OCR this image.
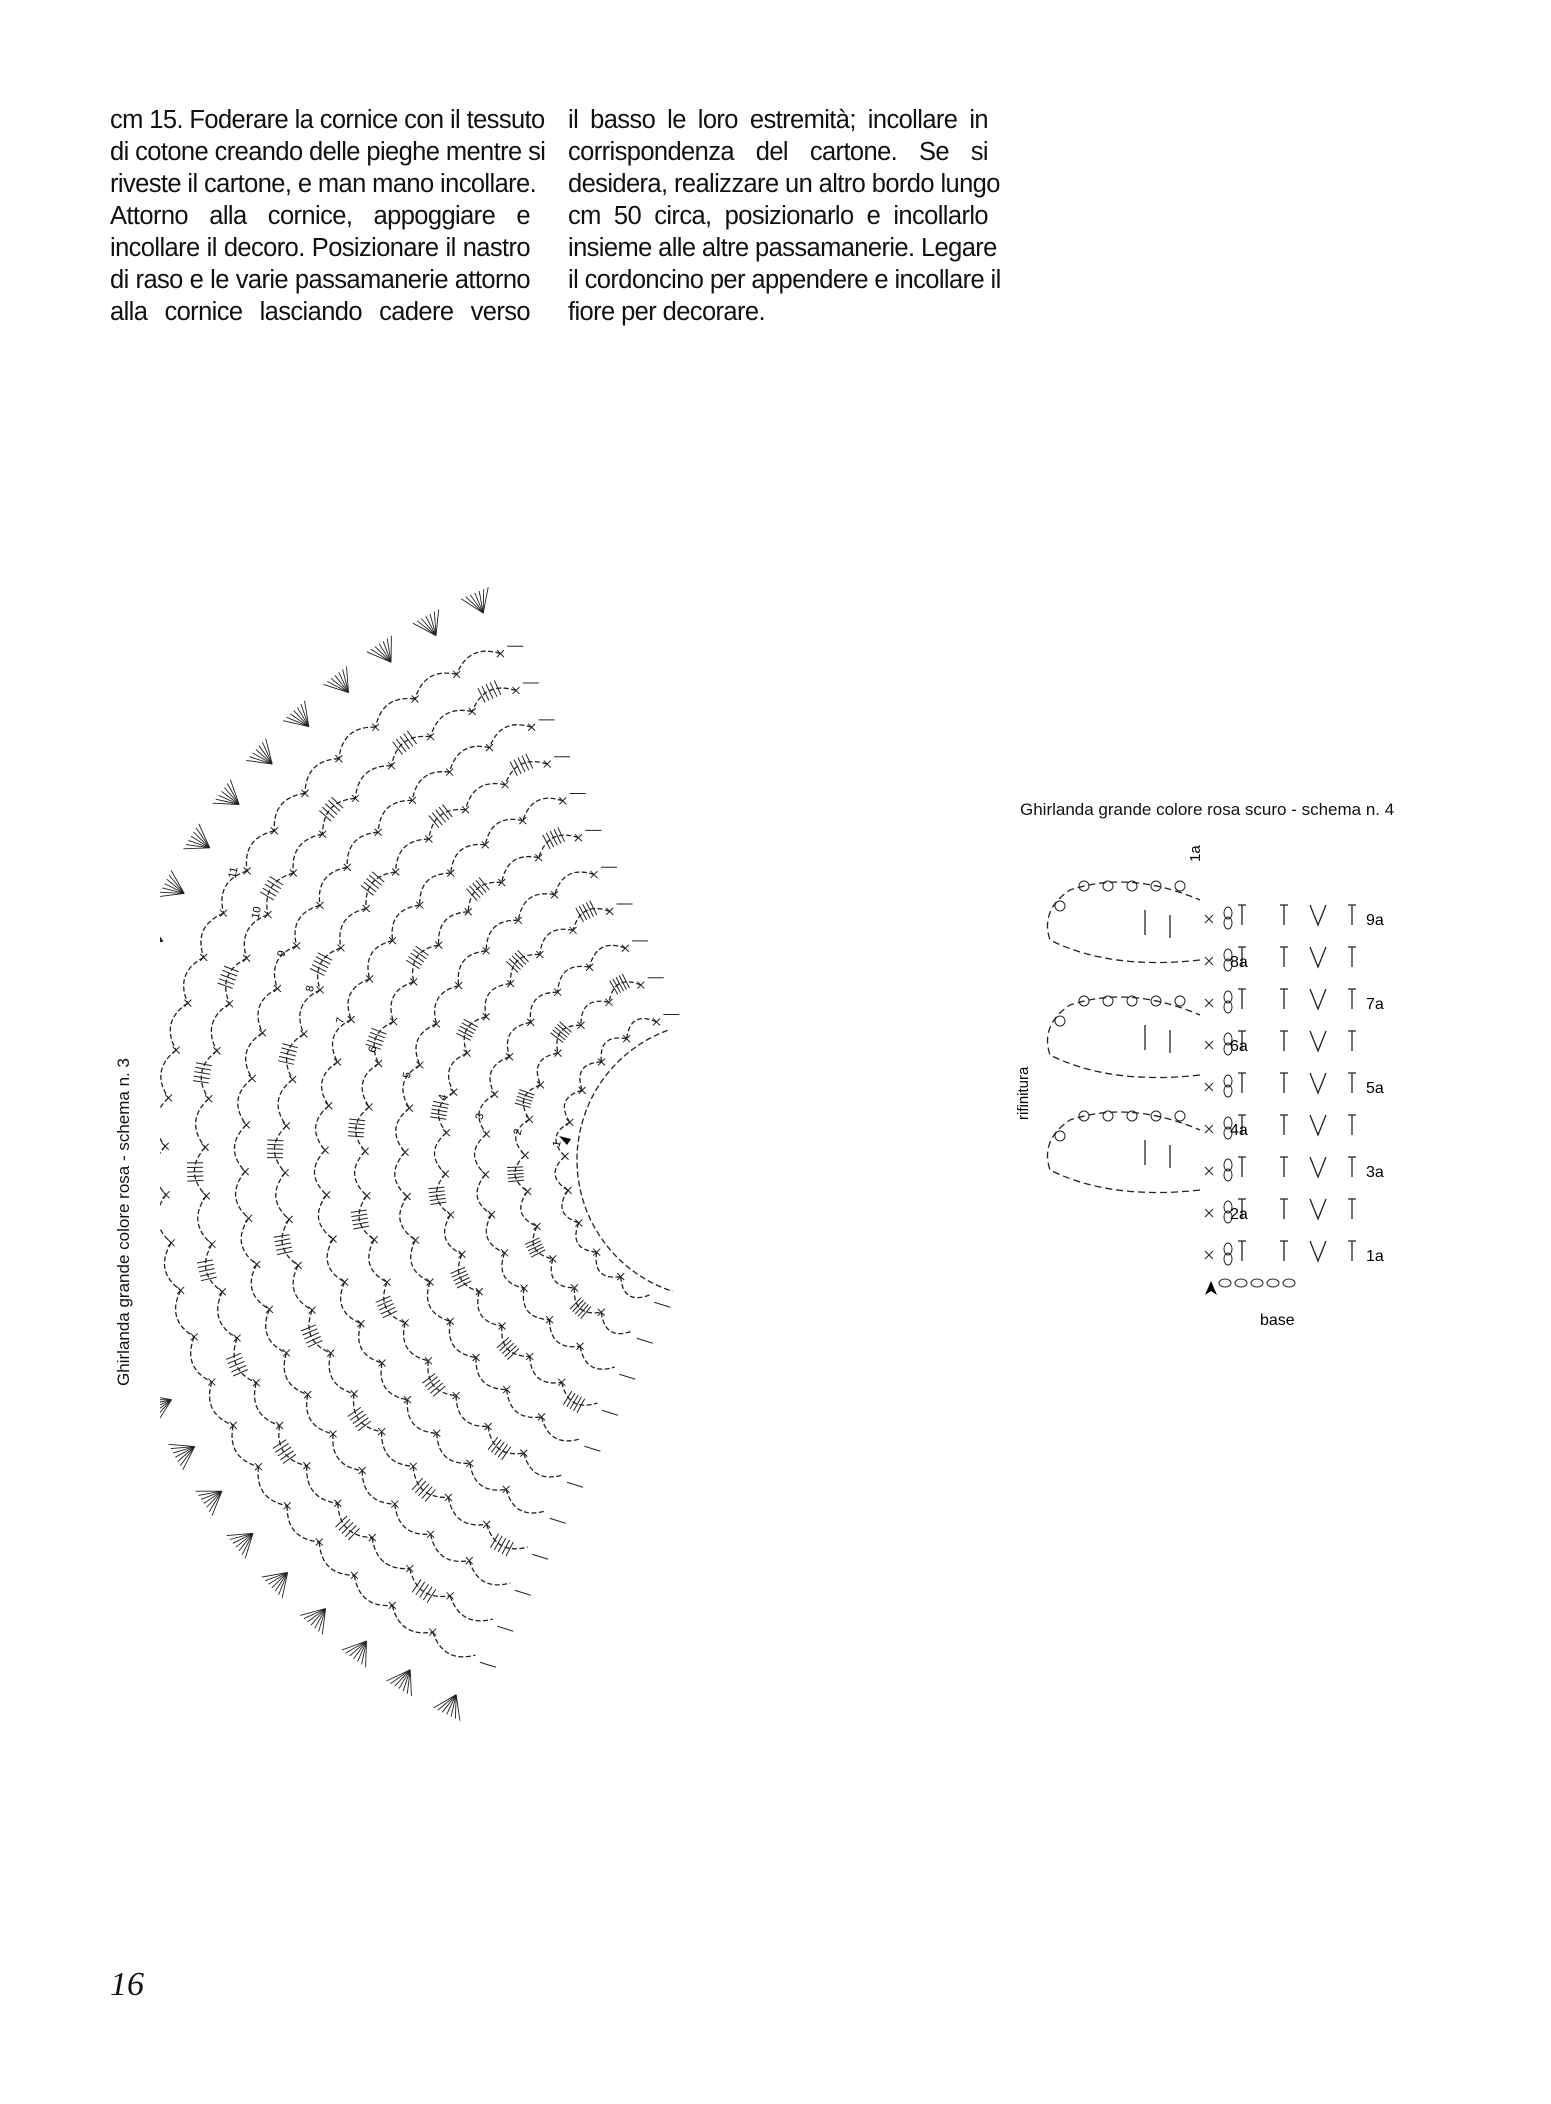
cm 15. Foderare la cornice con il tessuto
di cotone creando delle pieghe mentre si
riveste il cartone, e man mano incollare.
Attorno alla cornice, appoggiare e
incollare il decoro. Posizionare il nastro
di raso e le varie passamanerie attorno
alla cornice lasciando cadere verso
il basso le loro estremità; incollare in
corrispondenza del cartone. Se si
desidera, realizzare un altro bordo lungo
cm 50 circa, posizionarlo e incollarlo
insieme alle altre passamanerie. Legare
il cordoncino per appendere e incollare il
fiore per decorare.
Ghirlanda grande colore rosa - schema n. 3	1
2
3
4
5
6
7
8
9
10
11
Ghirlanda grande colore rosa scuro - schema n. 4
1a
2a
3a
4a
5a
6a
7a
8a
9a
1a
rifinitura
base
16
